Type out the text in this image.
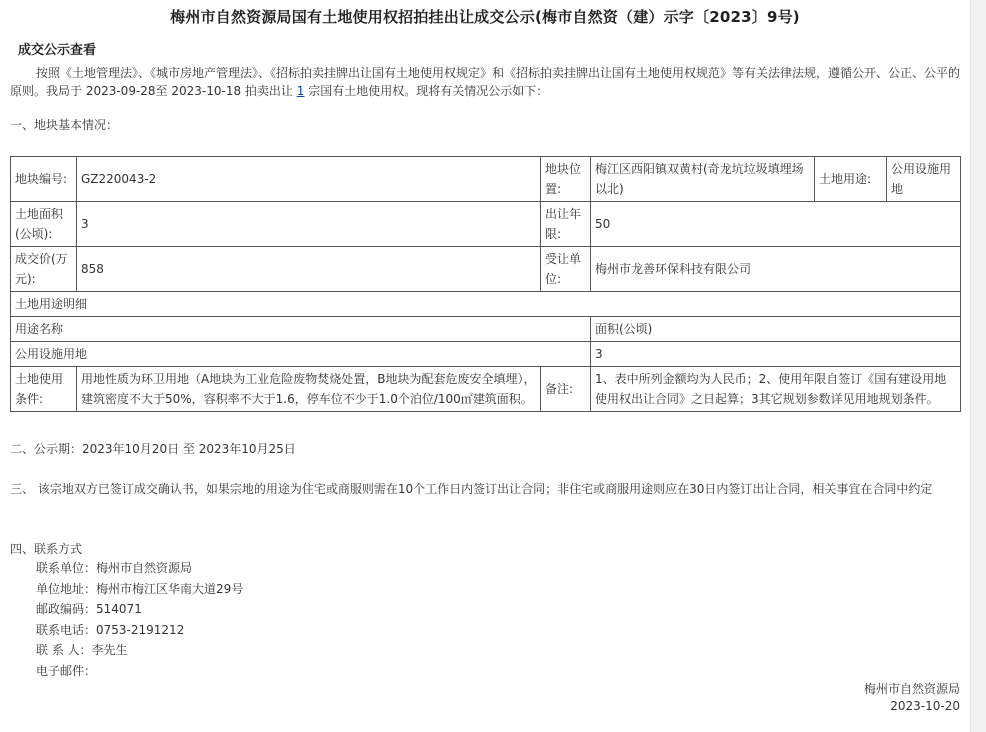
梅州市自然资源局国有土地使用权招拍挂出让成交公示(梅市自然资（建）示字〔2023〕9号)
成交公示查看

按照《土地管理法》、《城市房地产管理法》、《招标拍卖挂牌出让国有土地使用权规定》和《招标拍卖挂牌出让国有土地使用权规范》等有关法律法规，遵循公开、公正、公平的原则。我局于 2023-09-28至 2023-10-18 拍卖出让 1 宗国有土地使用权。现将有关情况公示如下：

一、地块基本情况：
地块编号:	GZ220043-2	地块位置:	梅江区西阳镇双黄村(奇龙坑垃圾填埋场以北)	土地用途:	公用设施用地
土地面积(公顷):	3	出让年限:	50		
成交价(万元):	858	受让单位:	梅州市龙善环保科技有限公司		
土地用途明细					
用途名称			面积(公顷)		
公用设施用地			3		
土地使用条件:	用地性质为环卫用地（A地块为工业危险废物焚烧处置，B地块为配套危废安全填埋），建筑密度不大于50%，容积率不大于1.6，停车位不少于1.0个泊位/100㎡建筑面积。	备注:	1、表中所列金额均为人民币；2、使用年限自签订《国有建设用地使用权出让合同》之日起算；3其它规划参数详见用地规划条件。		
二、公示期：2023年10月20日 至 2023年10月25日
三、 该宗地双方已签订成交确认书，如果宗地的用途为住宅或商服则需在10个工作日内签订出让合同；非住宅或商服用途则应在30日内签订出让合同，相关事宜在合同中约定
四、联系方式
联系单位： 梅州市自然资源局
单位地址： 梅州市梅江区华南大道29号
邮政编码： 514071
联系电话： 0753-2191212
联 系 人： 李先生
电子邮件：
梅州市自然资源局
2023-10-20
